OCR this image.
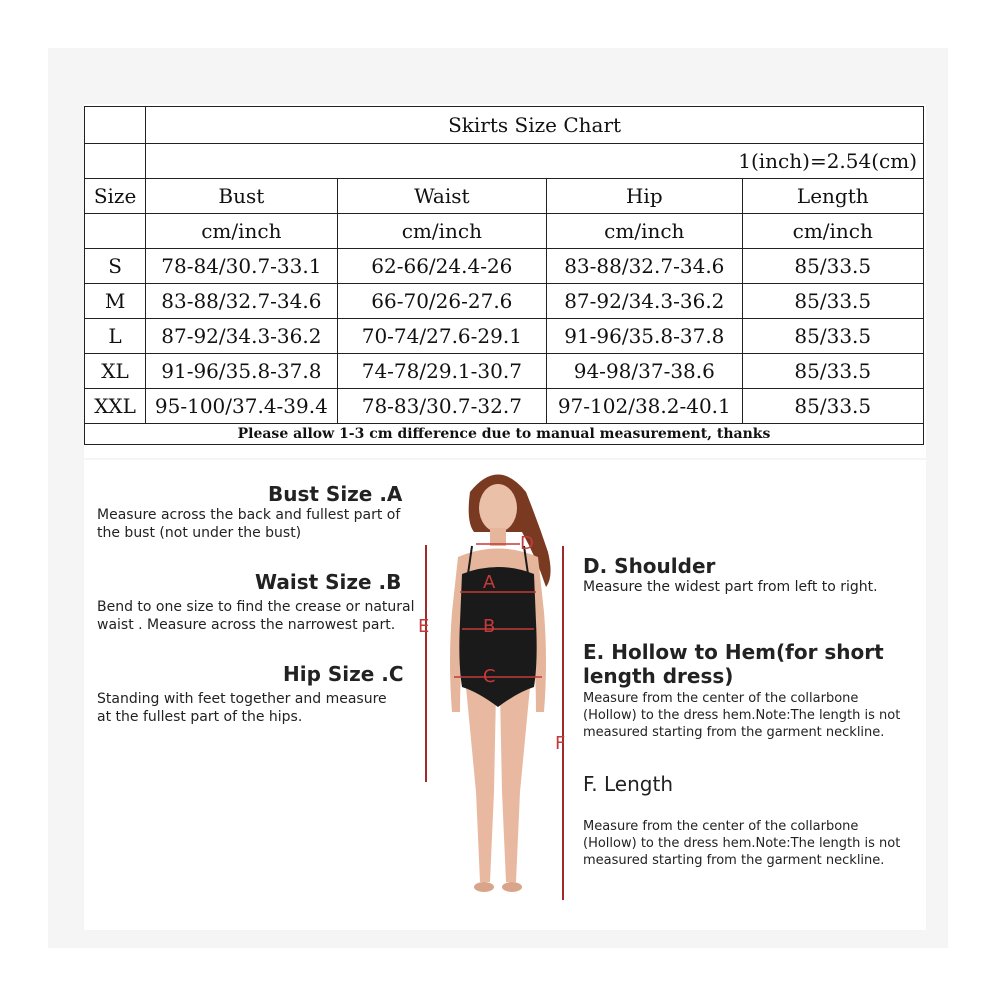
	Skirts Size Chart			
	1(inch)=2.54(cm)			
Size	Bust	Waist	Hip	Length
	cm/inch	cm/inch	cm/inch	cm/inch
S	78-84/30.7-33.1	62-66/24.4-26	83-88/32.7-34.6	85/33.5
M	83-88/32.7-34.6	66-70/26-27.6	87-92/34.3-36.2	85/33.5
L	87-92/34.3-36.2	70-74/27.6-29.1	91-96/35.8-37.8	85/33.5
XL	91-96/35.8-37.8	74-78/29.1-30.7	94-98/37-38.6	85/33.5
XXL	95-100/37.4-39.4	78-83/30.7-32.7	97-102/38.2-40.1	85/33.5
Please allow 1-3 cm difference due to manual measurement, thanks				
Bust Size .A
Measure across the back and fullest part of the bust (not under the bust)
Waist Size .B
Bend to one size to find the crease or natural waist . Measure across the narrowest part.
Hip Size .C
Standing with feet together and measure at the fullest part of the hips.
D. Shoulder
Measure the widest part from left to right.
E. Hollow to Hem(for short length dress)
Measure from the center of the collarbone (Hollow) to the dress hem.Note:The length is not measured starting from the garment neckline.
F. Length
Measure from the center of the collarbone (Hollow) to the dress hem.Note:The length is not measured starting from the garment neckline.
A
B
C
D
E
F
